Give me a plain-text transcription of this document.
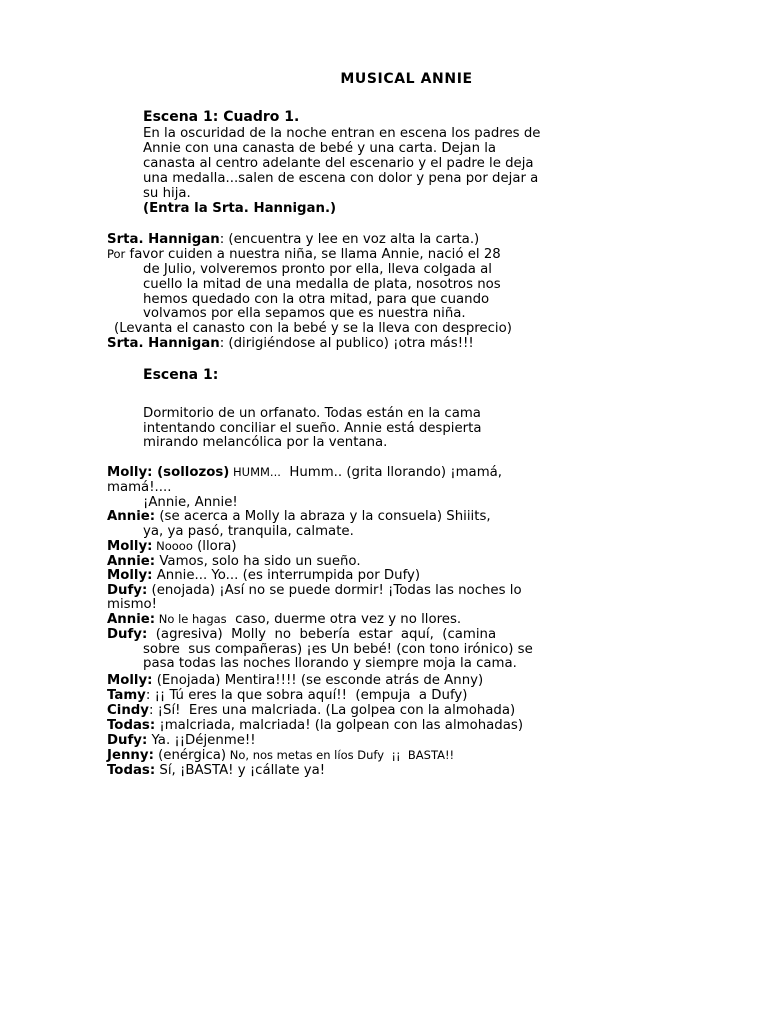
MUSICAL ANNIE
Escena 1: Cuadro 1.
En la oscuridad de la noche entran en escena los padres de
Annie con una canasta de bebé y una carta. Dejan la
canasta al centro adelante del escenario y el padre le deja
una medalla...salen de escena con dolor y pena por dejar a
su hija.
(Entra la Srta. Hannigan.)
Srta. Hannigan: (encuentra y lee en voz alta la carta.)
Por favor cuiden a nuestra niña, se llama Annie, nació el 28
de Julio, volveremos pronto por ella, lleva colgada al
cuello la mitad de una medalla de plata, nosotros nos
hemos quedado con la otra mitad, para que cuando
volvamos por ella sepamos que es nuestra niña.
(Levanta el canasto con la bebé y se la lleva con desprecio)
Srta. Hannigan: (dirigiéndose al publico) ¡otra más!!!
Escena 1:
Dormitorio de un orfanato. Todas están en la cama
intentando conciliar el sueño. Annie está despierta
mirando melancólica por la ventana.
Molly: (sollozos) HUMM...  Humm.. (grita llorando) ¡mamá,
mamá!....
¡Annie, Annie!
Annie: (se acerca a Molly la abraza y la consuela) Shiiits,
ya, ya pasó, tranquila, calmate.
Molly: Noooo (llora)
Annie: Vamos, solo ha sido un sueño.
Molly: Annie... Yo... (es interrumpida por Dufy)
Dufy: (enojada) ¡Así no se puede dormir! ¡Todas las noches lo
mismo!
Annie: No le hagas  caso, duerme otra vez y no llores.
Dufy:  (agresiva)  Molly  no  bebería  estar  aquí,  (camina
sobre  sus compañeras) ¡es Un bebé! (con tono irónico) se
pasa todas las noches llorando y siempre moja la cama.
Molly: (Enojada) Mentira!!!! (se esconde atrás de Anny)
Tamy: ¡¡ Tú eres la que sobra aquí!!  (empuja  a Dufy)
Cindy: ¡Sí!  Eres una malcriada. (La golpea con la almohada)
Todas: ¡malcriada, malcriada! (la golpean con las almohadas)
Dufy: Ya. ¡¡Déjenme!!
Jenny: (enérgica) No, nos metas en líos Dufy  ¡¡  BASTA!!
Todas: Sí, ¡BASTA! y ¡cállate ya!
